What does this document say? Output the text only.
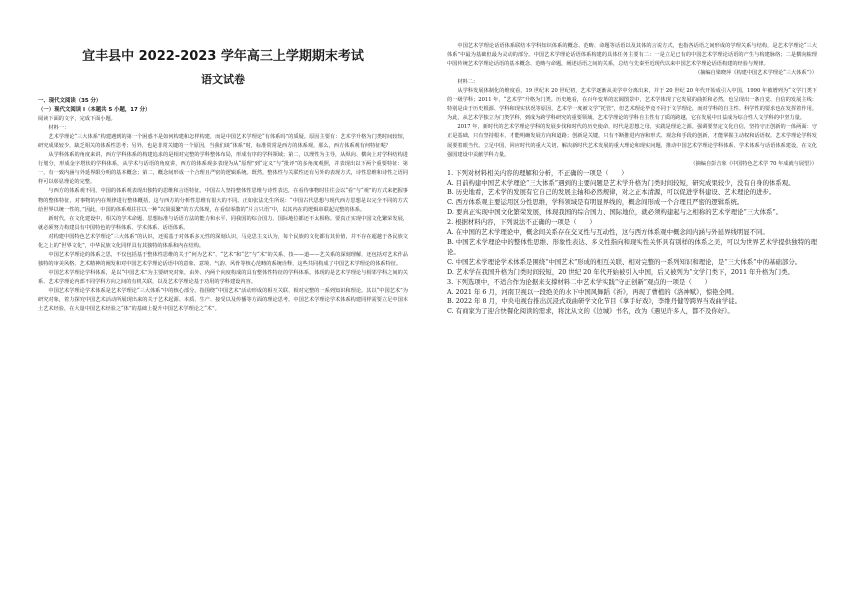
宜丰县中 2022-2023 学年高三上学期期末考试
语文试卷

一、现代文阅读（35 分）

（一）现代文阅读 I（本题共 5 小题，17 分）

阅读下面的文字，完成下面小题。

材料一：

艺术学理论“三大体系”构建遇到的第一个困惑不是如何构建和怎样构建，而是中国艺术学理论“有体系吗”的质疑。原因主要有：艺术学升格为门类时间较短，研究成果较少，缺乏相关的体系性思考；另外，也是非常关键的一个原因，当我们谈“体系”时，标准常常是西方的体系观。那么，西方体系观有何特征呢？

从学科体系的角度来讲，西方学科体系的构建追求的是相对完整的学科整体布局，形成有序的学科领域；第二，以理性为主导，从纵向、横向上对学科结构进行划分，形成金字塔状的学科体系，从学术与话语的角度讲，西方的体系观多表现为从“原理”到“定义”与“批评”的多角度观照，并表现出以下两个重要特征：第一，有一致内涵与外延界限分明的基本概念；第二，概念间形成一个合理且严密的逻辑系统。既然，整体性与关联性还有另外的表现方式，诗性思维和诗性之语同样可以彰显理论的完整。

与西方的体系观不同，中国的体系观表现出独特的思维和言语特征。中国古人坚持整体性思维与诗性表达，在看待事物时往往会以“看”与“观”的方式来把握事物的整体特征，对事物的内在规律进行整体概括，这与西方的分析性思维有很大的不同。正如张法先生所说：“中国古代思想与现代西方思想是以完全不同的方式给世界以统一性的。”因此，中国的体系观往往以一种“以简驭繁”的方式体现，在看似零散的“片言只语”中，以其内在的逻辑串联起完整的体系。

新时代，在文化建设中，相关的学术命题、思想标准与话语方法的能力和水平，同我国的综合国力、国际地位都还不太相称。要真正实现中国文化繁荣发展，就必须努力构建具有中国特色的学科体系、学术体系、话语体系。

对构建中国特色艺术学理论“三大体系”的认识，还需基于对体系多元性的深刻认识，马克思主义认为，每个民族的文化都有其价值，并不存在超越于各民族文化之上的“世界文化”，中华民族文化同样具有其独特的体系和内在结构。

中国艺术学理论的体系之思，不仅包括基于整体性思维的关于“何为艺术”、“艺术”和“艺”与“术”的关系、技——道——艺关系的深刻理解，还包括对艺术作品独特的审美风格、艺术精神的阐发和对中国艺术学理论话语中的意象、意境、气韵、风骨等核心范畴的系统诠释，这些共同构成了中国艺术学理论的体系特征。

中国艺术学理论学科体系，是以“中国艺术”为主要研究对象，由外、内两个向度构成的具有整体性特征的学科体系。体现的是艺术学理论与相邻学科之间的关系、艺术学理论内部不同学科方向之间的有机关联，以及艺术学理论基于功用的学科建设内容。

中国艺术学理论学术体系是艺术学理论“三大体系”中的核心部分，指围绕“中国艺术”活动形成的相互关联、相对完整的一系列知识和理论。其以“中国艺术”为研究对象，着力探究中国艺术活动所展现出来的关于艺术起源、本质、生产、接受以及传播等方面的理论思考。中国艺术学理论学术体系构建同样需要立足中国本土艺术经验，在大量中国艺术经验之“体”的基础上提升中国艺术学理论之“术”。

中国艺术学理论话语体系联结本学科知识体系的概念、范畴、命题等话语以及其体的言说方式，也指各话语之间形成的学理关系与结构，是艺术学理论“三大体系”中最为基础但最为灵动的部分。中国艺术学理论话语体系构建的具体任务主要有二：一是立足已有的中国艺术学理论话语的产生与构建脉络；二是横向梳理中国传统艺术学理论话语的基本概念、范畴与命题，阐述话语之间的关系，总结与先秦至近现代以来中国艺术学理论话语构建的经验与规律。

（摘编自梁晓萍《构建中国艺术学理论“三大体系”》）

材料二：

从学科发展体制化的维度看，19 世纪末 20 世纪初，艺术学逐渐从美学中分离出来，并于 20 世纪 20 年代开始成引入中国，1990 年被增列为“文学门类下的一级学科；2011 年，“艺术学”升格为门类。历史地看，在百年变革的宏阔图景中，艺术学体现了它发展的曲折和必然，也呈现出一条自觉、自信的发展主线：特别是由于历史根源、学科和现实状况等原因，艺术学一度被文学“托管”，但艺术理论毕竟不同于文学理论，而对学科的自主性、科学性的要求也在发挥着作用。为此，从艺术学独立为门类学科，到成为跨学科研究的重要领域，艺术学理论的学科自主性有了质的跨越，它在发展中日益成为综合性人文学科的中坚力量。

2017 年，新时代的艺术学理论学科的发展步伐和时代的历史使命，时代是思想之母，实践是理论之源。强调要坚定文化自信，坚持守正创新的一体两面：守正是基础，只有坚持根本，才能明确发展方向和道路；创新是关键，只有不断推进内容和形式、观念和手段的创新，才能掌握主动权和话语权。艺术学理论学科发展要着眼当代、立足中国，回应时代的重大关切，解决新时代艺术发展的重大理论和现实问题，推动中国艺术学理论学科体系、学术体系与话语体系建设，在文化强国建设中贡献学科力量。

（摘编自彭吉象《中国特色艺术学 70 年成就与展望》）

1. 下列对材料相关内容的理解和分析，不正确的一项是（　　）

A. 目前构建中国艺术学理论“三大体系”遇到的主要问题是艺术学升格为门类时间较短，研究成果较少，没有自身的体系观。

B. 历史地看，艺术学的发展有它自己的发展主轴和必然规律，对之正本清源，可以促进学科建设、艺术理论的进步。

C. 西方体系观主要运用区分性思维，学科领域是有明显界线的，概念间形成一个合理且严密的逻辑系统。

D. 要真正实现中国文化繁荣发展，体现我国的综合国力、国际地位，就必须构建起与之相称的艺术学理论“三大体系”。

2. 根据材料内容，下列说法不正确的一项是（　　）

A. 在中国的艺术学理论中，概念间关系存在交叉性与互动性，这与西方体系观中概念间内涵与外延界线明显不同。

B. 中国艺术学理论中的整体性思维、形象性表达、多义性指向和现实性关怀具有别样的体系之美，可以为世界艺术学提供独特的理论。

C. 中国艺术学理论学术体系是围绕“中国艺术”形成的相互关联、相对完整的一系列知识和理论，是“三大体系”中的基础部分。

D. 艺术学在我国升格为门类时间较短，20 世纪 20 年代开始被引入中国，后又被列为“文学门类下，2011 年升格为门类。

3. 下列选项中，不适合作为论据来支撑材料二中艺术学实践“守正创新”观点的一项是（　　）

A. 2021 年 6 月，河南卫视以一段绝美的水下中国风舞蹈《祈》，再现了曹植的《洛神赋》，惊艳全网。

B. 2022 年 8 月，中央电视台推出沉浸式戏曲研学文化节目《拿手好戏》，李维丹健等跨界当戏曲学徒。

C. 有商家为了迎合快餐化阅读的需求，将沈从文的《边城》书名，改为《遇见许多人，都不及你好》。
